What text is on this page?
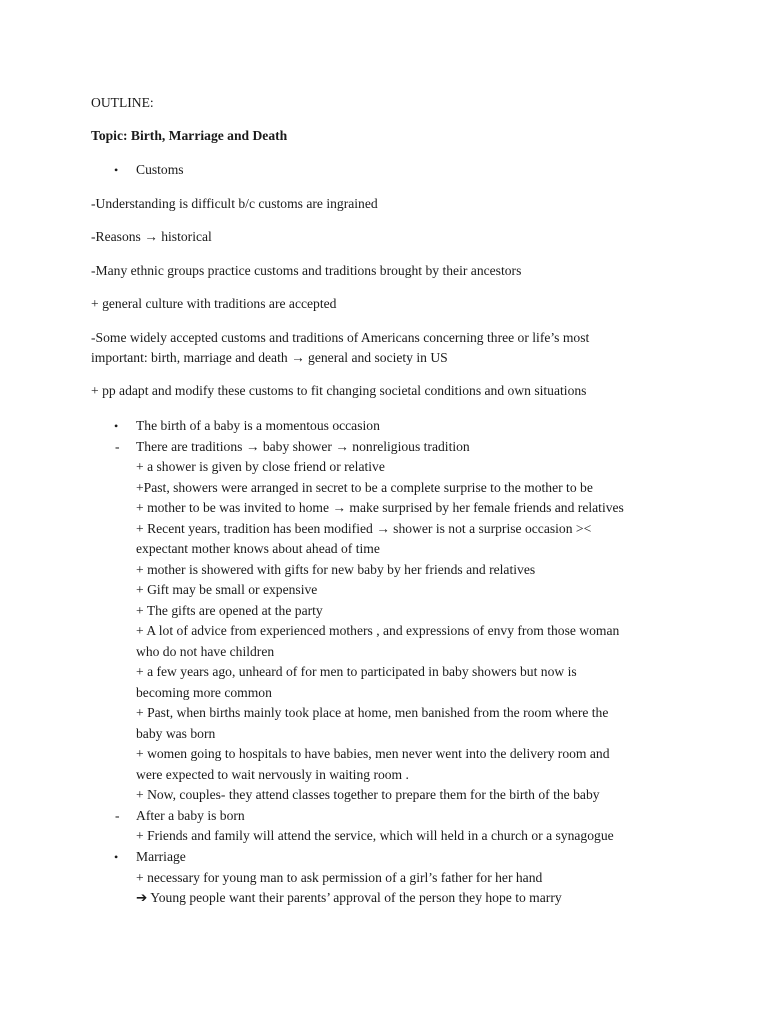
OUTLINE:
Topic: Birth, Marriage and Death
• Customs
-Understanding is difficult b/c customs are ingrained
-Reasons → historical
-Many ethnic groups practice customs and traditions brought by their ancestors
+ general culture with traditions are accepted
-Some widely accepted customs and traditions of Americans concerning three or life’s most
important: birth, marriage and death → general and society in US
+ pp adapt and modify these customs to fit changing societal conditions and own situations
• The birth of a baby is a momentous occasion
- There are traditions → baby shower → nonreligious tradition
+ a shower is given by close friend or relative
+Past, showers were arranged in secret to be a complete surprise to the mother to be
+ mother to be was invited to home → make surprised by her female friends and relatives
+ Recent years, tradition has been modified → shower is not a surprise occasion ><
expectant mother knows about ahead of time
+ mother is showered with gifts for new baby by her friends and relatives
+ Gift may be small or expensive
+ The gifts are opened at the party
+ A lot of advice from experienced mothers , and expressions of envy from those woman
who do not have children
+ a few years ago, unheard of for men to participated in baby showers but now is
becoming more common
+ Past, when births mainly took place at home, men banished from the room where the
baby was born
+ women going to hospitals to have babies, men never went into the delivery room and
were expected to wait nervously in waiting room .
+ Now, couples- they attend classes together to prepare them for the birth of the baby
- After a baby is born
+ Friends and family will attend the service, which will held in a church or a synagogue
• Marriage
+ necessary for young man to ask permission of a girl’s father for her hand
➔ Young people want their parents’ approval of the person they hope to marry
